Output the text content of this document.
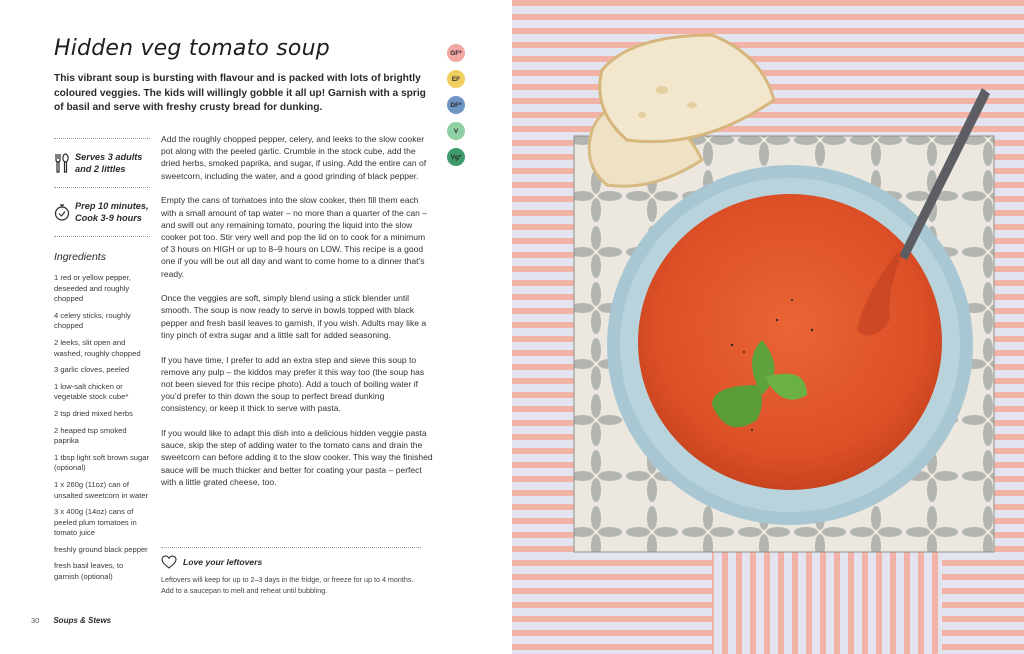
Hidden veg tomato soup

This vibrant soup is bursting with flavour and is packed with lots of brightly coloured veggies. The kids will willingly gobble it all up! Garnish with a sprig of basil and serve with freshy crusty bread for dunking.

GF*
EF
DF*
V
Vg*
Serves 3 adults and 2 littles
Prep 10 minutes, Cook 3-9 hours
Ingredients
1 red or yellow pepper, deseeded and roughly chopped
4 celery sticks, roughly chopped
2 leeks, slit open and washed, roughly chopped
3 garlic cloves, peeled
1 low-salt chicken or vegetable stock cube*
2 tsp dried mixed herbs
2 heaped tsp smoked paprika
1 tbsp light soft brown sugar (optional)
1 x 260g (11oz) can of unsalted sweetcorn in water
3 x 400g (14oz) cans of peeled plum tomatoes in tomato juice
freshly ground black pepper
fresh basil leaves, to garnish (optional)

Add the roughly chopped pepper, celery, and leeks to the slow cooker pot along with the peeled garlic. Crumble in the stock cube, add the dried herbs, smoked paprika, and sugar, if using. Add the entire can of sweetcorn, including the water, and a good grinding of black pepper.

Empty the cans of tomatoes into the slow cooker, then fill them each with a small amount of tap water – no more than a quarter of the can – and swill out any remaining tomato, pouring the liquid into the slow cooker pot too. Stir very well and pop the lid on to cook for a minimum of 3 hours on HIGH or up to 8–9 hours on LOW. This recipe is a good one if you will be out all day and want to come home to a dinner that’s ready.

Once the veggies are soft, simply blend using a stick blender until smooth. The soup is now ready to serve in bowls topped with black pepper and fresh basil leaves to garnish, if you wish. Adults may like a tiny pinch of extra sugar and a little salt for added seasoning.

If you have time, I prefer to add an extra step and sieve this soup to remove any pulp – the kiddos may prefer it this way too (the soup has not been sieved for this recipe photo). Add a touch of boiling water if you’d prefer to thin down the soup to perfect bread dunking consistency, or keep it thick to serve with pasta.

If you would like to adapt this dish into a delicious hidden veggie pasta sauce, skip the step of adding water to the tomato cans and drain the sweetcorn can before adding it to the slow cooker. This way the finished sauce will be much thicker and better for coating your pasta – perfect with a little grated cheese, too.

Love your leftovers
Leftovers will keep for up to 2–3 days in the fridge, or freeze for up to 4 months. Add to a saucepan to melt and reheat until bubbling.
30 Soups & Stews
